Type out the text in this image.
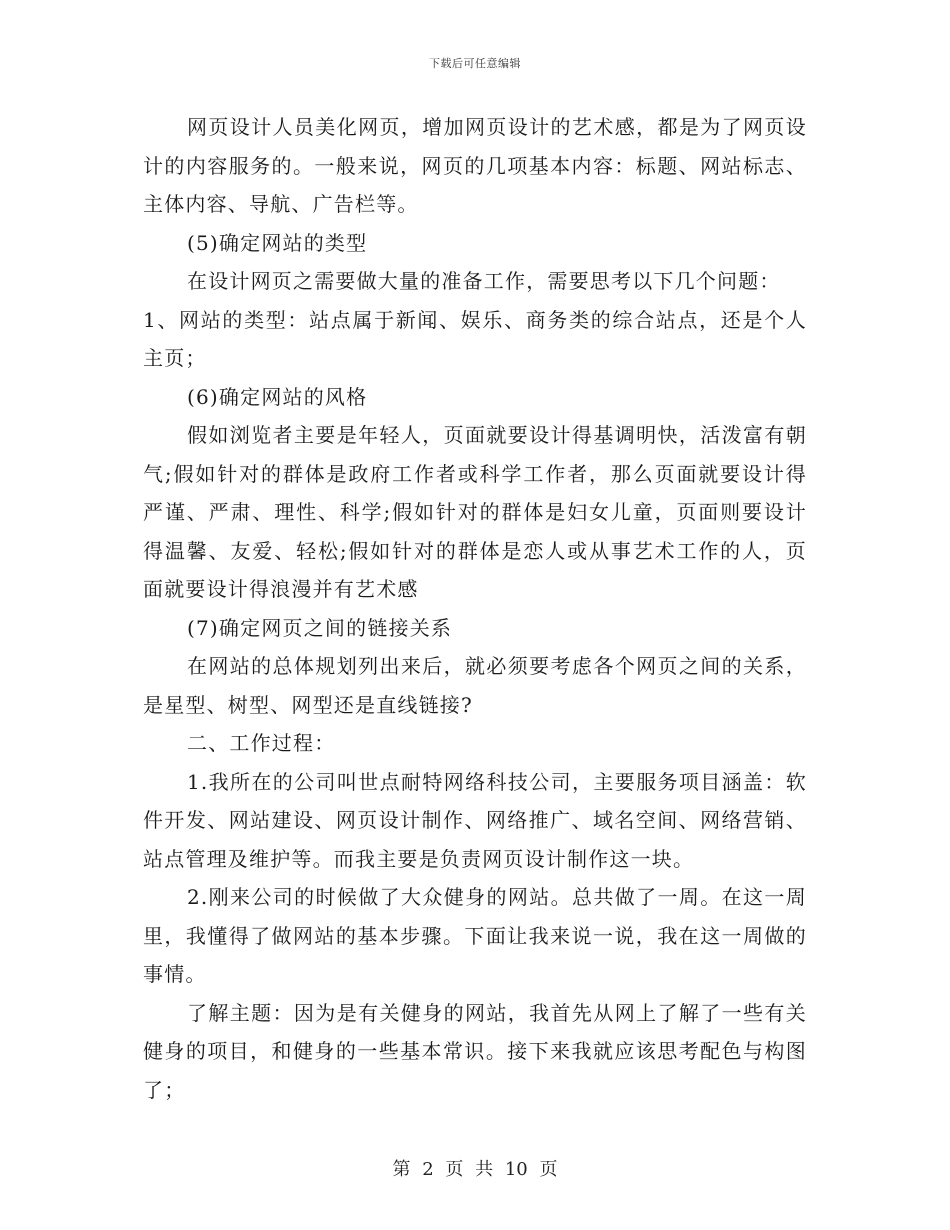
下载后可任意编辑

网页设计人员美化网页，增加网页设计的艺术感，都是为了网页设计的内容服务的。一般来说，网页的几项基本内容：标题、网站标志、主体内容、导航、广告栏等。

(5)确定网站的类型

在设计网页之需要做大量的准备工作，需要思考以下几个问题：

1、网站的类型：站点属于新闻、娱乐、商务类的综合站点，还是个人主页；

(6)确定网站的风格

假如浏览者主要是年轻人，页面就要设计得基调明快，活泼富有朝气;假如针对的群体是政府工作者或科学工作者，那么页面就要设计得严谨、严肃、理性、科学;假如针对的群体是妇女儿童，页面则要设计得温馨、友爱、轻松;假如针对的群体是恋人或从事艺术工作的人，页面就要设计得浪漫并有艺术感

(7)确定网页之间的链接关系

在网站的总体规划列出来后，就必须要考虑各个网页之间的关系，是星型、树型、网型还是直线链接?

二、工作过程：

1.我所在的公司叫世点耐特网络科技公司，主要服务项目涵盖：软件开发、网站建设、网页设计制作、网络推广、域名空间、网络营销、站点管理及维护等。而我主要是负责网页设计制作这一块。

2.刚来公司的时候做了大众健身的网站。总共做了一周。在这一周里，我懂得了做网站的基本步骤。下面让我来说一说，我在这一周做的事情。

了解主题：因为是有关健身的网站，我首先从网上了解了一些有关健身的项目，和健身的一些基本常识。接下来我就应该思考配色与构图了；

第 2 页 共 10 页
